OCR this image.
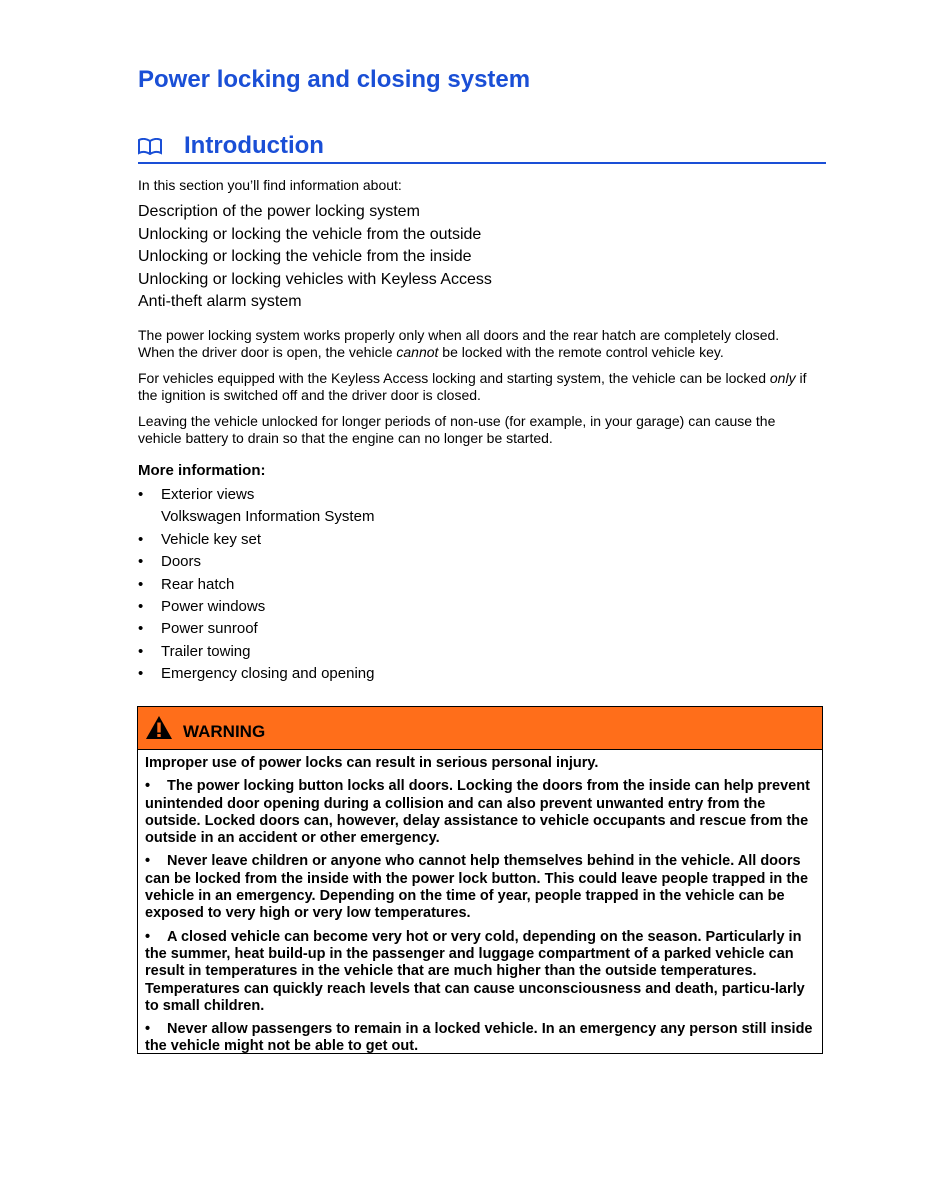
Power locking and closing system
Introduction
In this section you’ll find information about:
Description of the power locking system
Unlocking or locking the vehicle from the outside
Unlocking or locking the vehicle from the inside
Unlocking or locking vehicles with Keyless Access
Anti-theft alarm system

The power locking system works properly only when all doors and the rear hatch are completely closed. When the driver door is open, the vehicle cannot be locked with the remote control vehicle key.

For vehicles equipped with the Keyless Access locking and starting system, the vehicle can be locked only if the ignition is switched off and the driver door is closed.

Leaving the vehicle unlocked for longer periods of non-use (for example, in your garage) can cause the vehicle battery to drain so that the engine can no longer be started.

More information:
• Exterior views
Volkswagen Information System
• Vehicle key set
• Doors
• Rear hatch
• Power windows
• Power sunroof
• Trailer towing
• Emergency closing and opening
WARNING

Improper use of power locks can result in serious personal injury.

• The power locking button locks all doors. Locking the doors from the inside can help prevent unintended door opening during a collision and can also prevent unwanted entry from the outside. Locked doors can, however, delay assistance to vehicle occupants and rescue from the outside in an accident or other emergency.

• Never leave children or anyone who cannot help themselves behind in the vehicle. All doors can be locked from the inside with the power lock button. This could leave people trapped in the vehicle in an emergency. Depending on the time of year, people trapped in the vehicle can be exposed to very high or very low temperatures.

• A closed vehicle can become very hot or very cold, depending on the season. Particularly in the summer, heat build-up in the passenger and luggage compartment of a parked vehicle can result in temperatures in the vehicle that are much higher than the outside temperatures. Temperatures can quickly reach levels that can cause unconsciousness and death, particu-larly to small children.

• Never allow passengers to remain in a locked vehicle. In an emergency any person still inside the vehicle might not be able to get out.
